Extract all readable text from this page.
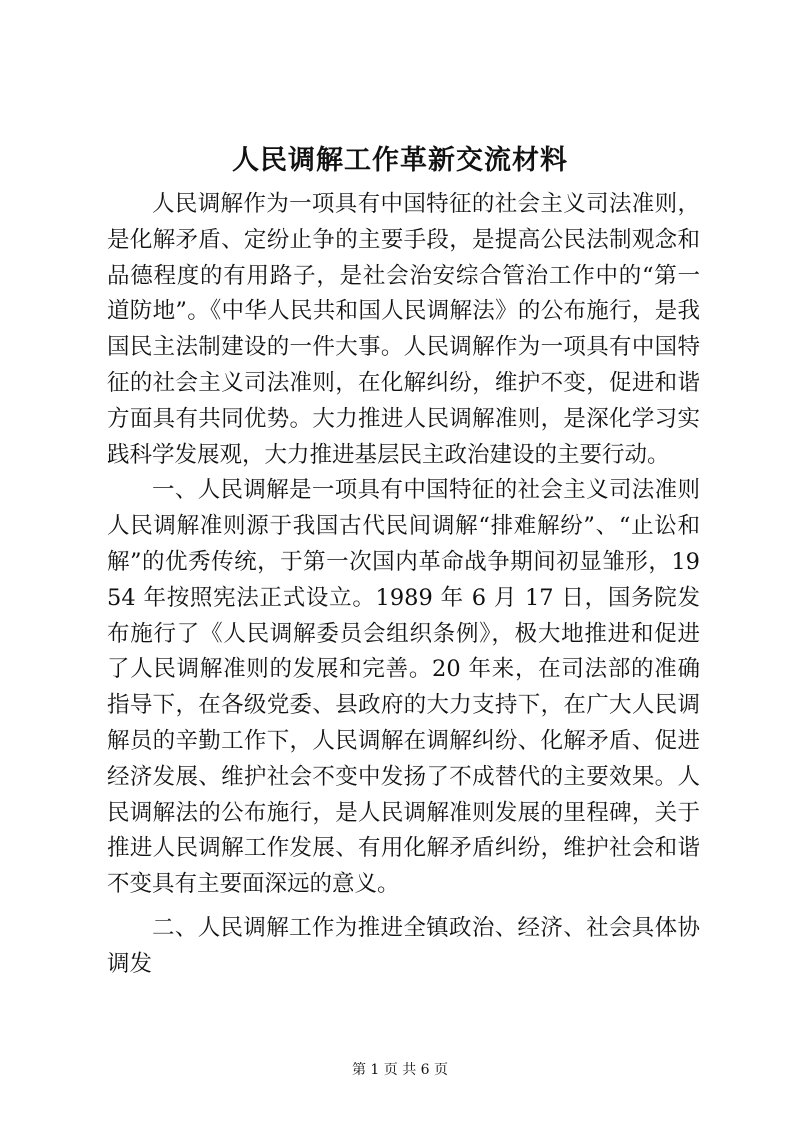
人民调解工作革新交流材料

人民调解作为一项具有中国特征的社会主义司法准则，是化解矛盾、定纷止争的主要手段，是提高公民法制观念和品德程度的有用路子，是社会治安综合管治工作中的“第一道防地”。《中华人民共和国人民调解法》的公布施行，是我国民主法制建设的一件大事。人民调解作为一项具有中国特征的社会主义司法准则，在化解纠纷，维护不变，促进和谐方面具有共同优势。大力推进人民调解准则，是深化学习实践科学发展观，大力推进基层民主政治建设的主要行动。

一、人民调解是一项具有中国特征的社会主义司法准则人民调解准则源于我国古代民间调解“排难解纷”、“止讼和解”的优秀传统，于第一次国内革命战争期间初显雏形，1954 年按照宪法正式设立。1989 年 6 月 17 日，国务院发布施行了《人民调解委员会组织条例》，极大地推进和促进了人民调解准则的发展和完善。20 年来，在司法部的准确指导下，在各级党委、县政府的大力支持下，在广大人民调解员的辛勤工作下，人民调解在调解纠纷、化解矛盾、促进经济发展、维护社会不变中发扬了不成替代的主要效果。人民调解法的公布施行，是人民调解准则发展的里程碑，关于推进人民调解工作发展、有用化解矛盾纠纷，维护社会和谐不变具有主要面深远的意义。

二、人民调解工作为推进全镇政治、经济、社会具体协调发

第 1 页 共 6 页
